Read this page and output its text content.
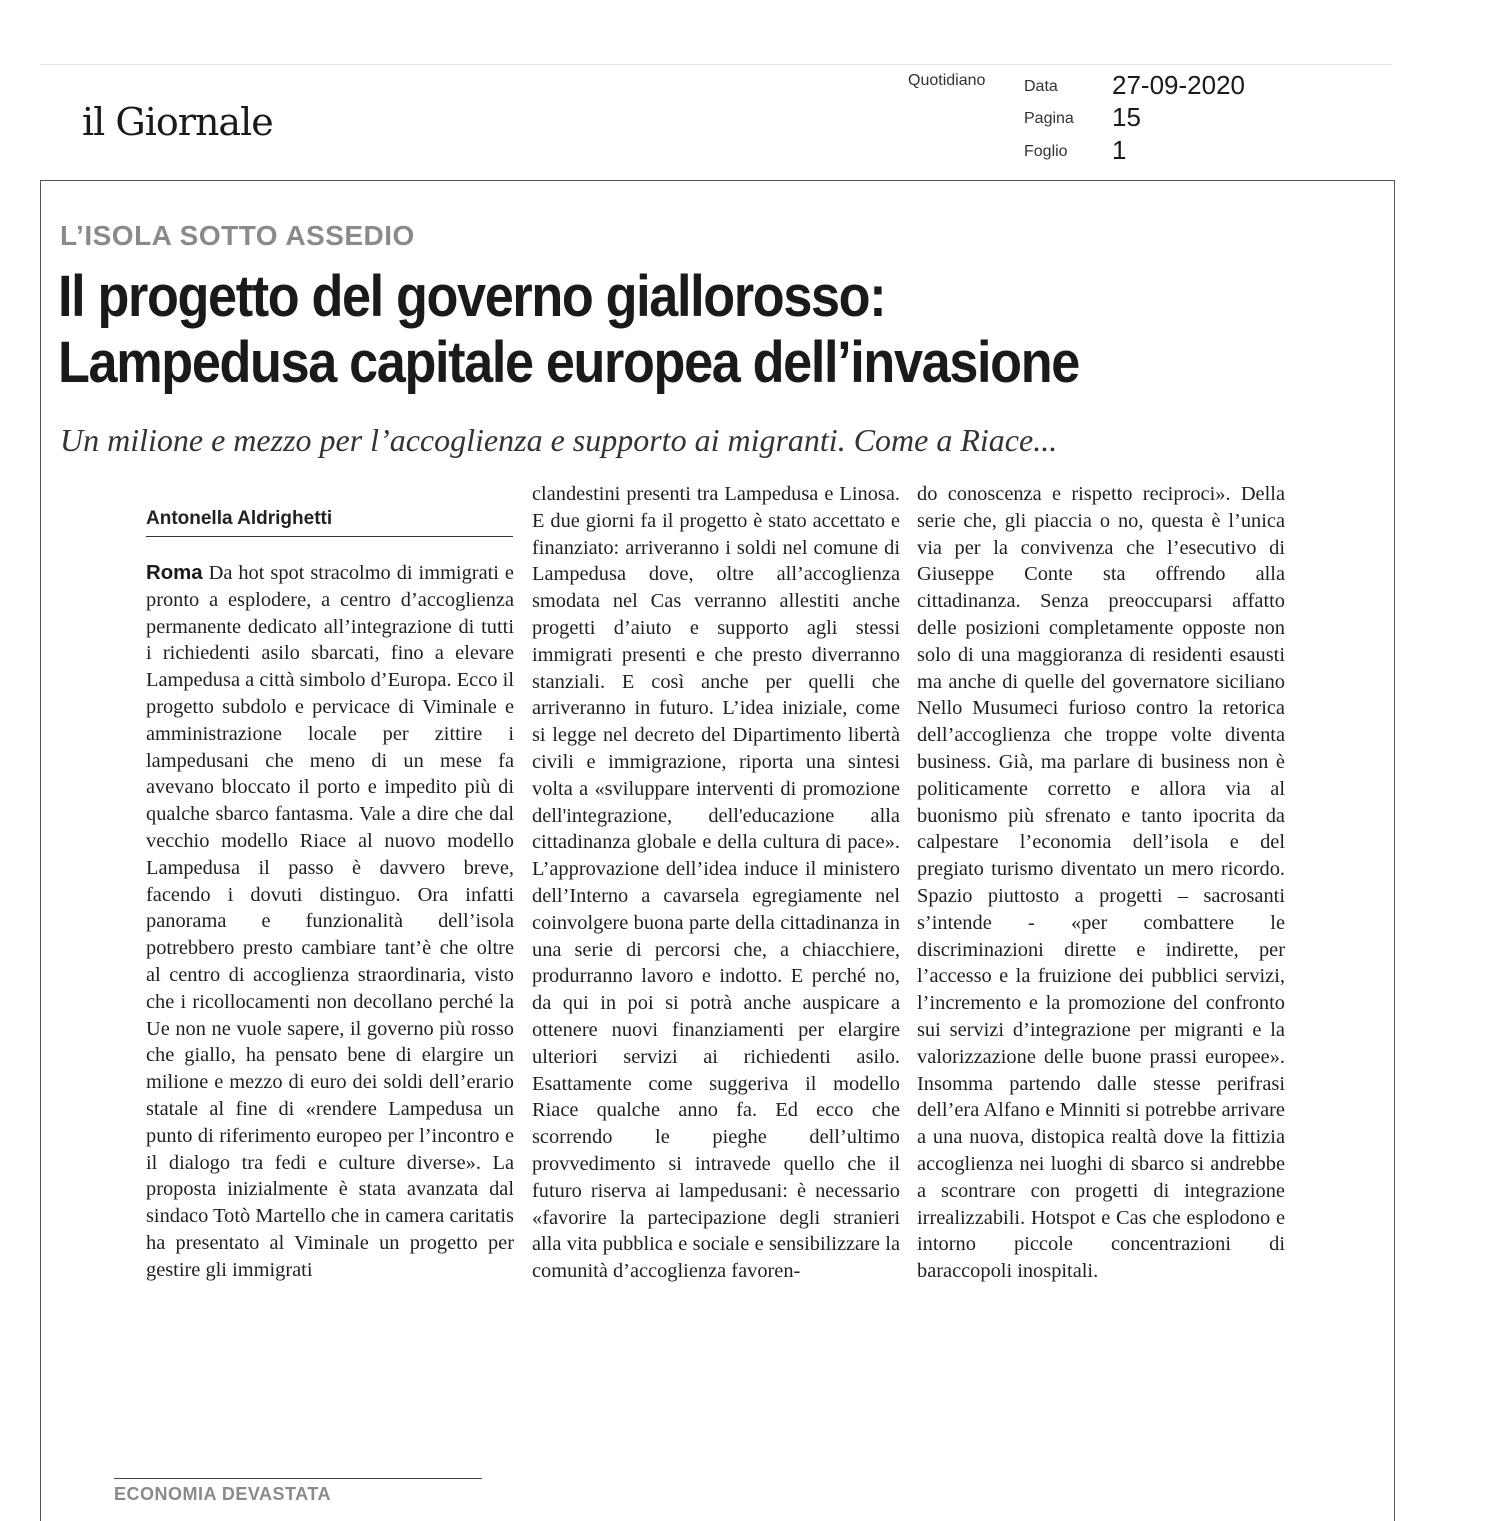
il Giornale
Quotidiano Data 27-09-2020
Pagina 15
Foglio 1
L’ISOLA SOTTO ASSEDIO
Il progetto del governo giallorosso:
Lampedusa capitale europea dell’invasione
Un milione e mezzo per l’accoglienza e supporto ai migranti. Come a Riace...
Antonella Aldrighetti

Roma Da hot spot stracolmo di immigrati e pronto a esplodere, a centro d’accoglienza permanente dedicato all’integrazione di tutti i richiedenti asilo sbarcati, fino a elevare Lampedusa a città simbolo d’Europa. Ecco il progetto subdolo e pervicace di Viminale e amministrazione locale per zittire i lampedusani che meno di un mese fa avevano bloccato il porto e impedito più di qualche sbarco fantasma. Vale a dire che dal vecchio modello Riace al nuovo modello Lampedusa il passo è davvero breve, facendo i dovuti distinguo. Ora infatti panorama e funzionalità dell’isola potrebbero presto cambiare tant’è che oltre al centro di accoglienza straordinaria, visto che i ricollocamenti non decollano perché la Ue non ne vuole sapere, il governo più rosso che giallo, ha pensato bene di elargire un milione e mezzo di euro dei soldi dell’erario statale al fine di «rendere Lampedusa un punto di riferimento europeo per l’incontro e il dialogo tra fedi e culture diverse». La proposta inizialmente è stata avanzata dal sindaco Totò Martello che in camera caritatis ha presentato al Viminale un progetto per gestire gli immigrati

clandestini presenti tra Lampedusa e Linosa. E due giorni fa il progetto è stato accettato e finanziato: arriveranno i soldi nel comune di Lampedusa dove, oltre all’accoglienza smodata nel Cas verranno allestiti anche progetti d’aiuto e supporto agli stessi immigrati presenti e che presto diverranno stanziali. E così anche per quelli che arriveranno in futuro. L’idea iniziale, come si legge nel decreto del Dipartimento libertà civili e immigrazione, riporta una sintesi volta a «sviluppare interventi di promozione dell'integrazione, dell'educazione alla cittadinanza globale e della cultura di pace». L’approvazione dell’idea induce il ministero dell’Interno a cavarsela egregiamente nel coinvolgere buona parte della cittadinanza in una serie di percorsi che, a chiacchiere, produrranno lavoro e indotto. E perché no, da qui in poi si potrà anche auspicare a ottenere nuovi finanziamenti per elargire ulteriori servizi ai richiedenti asilo. Esattamente come suggeriva il modello Riace qualche anno fa. Ed ecco che scorrendo le pieghe dell’ultimo provvedimento si intravede quello che il futuro riserva ai lampedusani: è necessario «favorire la partecipazione degli stranieri alla vita pubblica e sociale e sensibilizzare la comunità d’accoglienza favoren-

do conoscenza e rispetto reciproci». Della serie che, gli piaccia o no, questa è l’unica via per la convivenza che l’esecutivo di Giuseppe Conte sta offrendo alla cittadinanza. Senza preoccuparsi affatto delle posizioni completamente opposte non solo di una maggioranza di residenti esausti ma anche di quelle del governatore siciliano Nello Musumeci furioso contro la retorica dell’accoglienza che troppe volte diventa business. Già, ma parlare di business non è politicamente corretto e allora via al buonismo più sfrenato e tanto ipocrita da calpestare l’economia dell’isola e del pregiato turismo diventato un mero ricordo. Spazio piuttosto a progetti – sacrosanti s’intende - «per combattere le discriminazioni dirette e indirette, per l’accesso e la fruizione dei pubblici servizi, l’incremento e la promozione del confronto sui servizi d’integrazione per migranti e la valorizzazione delle buone prassi europee». Insomma partendo dalle stesse perifrasi dell’era Alfano e Minniti si potrebbe arrivare a una nuova, distopica realtà dove la fittizia accoglienza nei luoghi di sbarco si andrebbe a scontrare con progetti di integrazione irrealizzabili. Hotspot e Cas che esplodono e intorno piccole concentrazioni di baraccopoli inospitali.

ECONOMIA DEVASTATA
